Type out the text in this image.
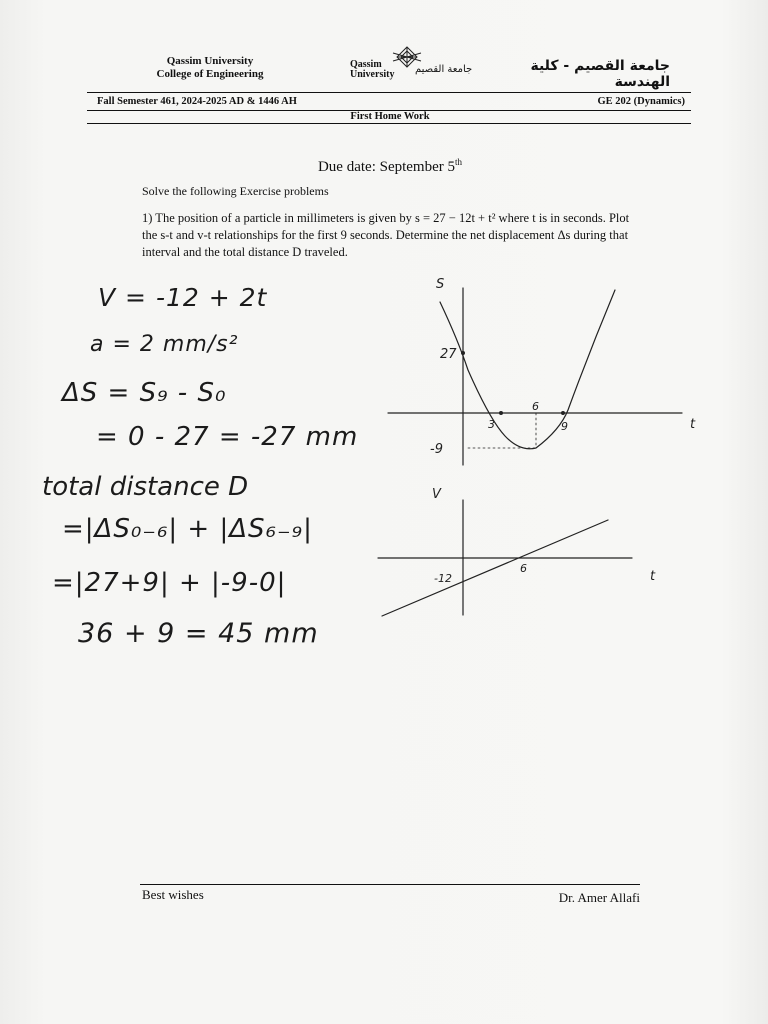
Qassim University
College of Engineering
Qassim
University جامعة القصيم	جامعة القصيم - كلية الهندسة
Fall Semester 461, 2024-2025 AD & 1446 AH	GE 202 (Dynamics)
First Home Work
Due date: September 5th
Solve the following Exercise problems
1) The position of a particle in millimeters is given by s = 27 − 12t + t² where t is in seconds. Plot the s-t and v-t relationships for the first 9 seconds. Determine the net displacement Δs during that interval and the total distance D traveled.
V = -12 + 2t
a = 2 mm/s²
ΔS = S₉ - S₀
= 0 - 27 = -27 mm
total distance D
=|ΔS₀₋₆| + |ΔS₆₋₉|
=|27+9| + |-9-0|
36 + 9 = 45 mm
S
t
27
-9
3
6
9
V
t
-12
6
Best wishes	Dr. Amer Allafi
